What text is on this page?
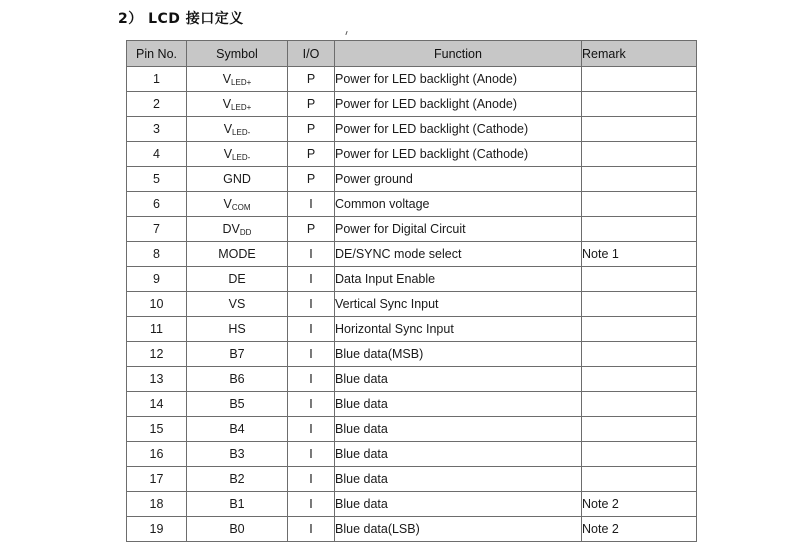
2） LCD 接口定义
Pin No.	Symbol	I/O	Function	Remark
1	VLED+	P	Power for LED backlight (Anode)	
2	VLED+	P	Power for LED backlight (Anode)	
3	VLED-	P	Power for LED backlight (Cathode)	
4	VLED-	P	Power for LED backlight (Cathode)	
5	GND	P	Power ground	
6	VCOM	I	Common voltage	
7	DVDD	P	Power for Digital Circuit	
8	MODE	I	DE/SYNC mode select	Note 1
9	DE	I	Data Input Enable	
10	VS	I	Vertical Sync Input	
11	HS	I	Horizontal Sync Input	
12	B7	I	Blue data(MSB)	
13	B6	I	Blue data	
14	B5	I	Blue data	
15	B4	I	Blue data	
16	B3	I	Blue data	
17	B2	I	Blue data	
18	B1	I	Blue data	Note 2
19	B0	I	Blue data(LSB)	Note 2
